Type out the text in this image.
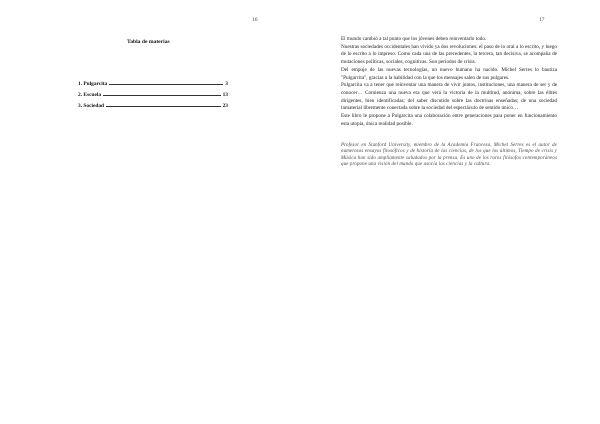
16
Tabla de materias
1. Pulgarcita	3
2. Escuela	13
3. Sociedad	23
17

El mundo cambió a tal punto que los jóvenes deben reinventarlo todo.

Nuestras sociedades occidentales han vivido ya dos revoluciones: el paso de lo oral a lo escrito, y luego de lo escrito a lo impreso. Como cada una de las precedentes, la tercera, tan decisiva, se acompaña de mutaciones políticas, sociales, cognitivas. Son periodos de crisis.

Del empuje de las nuevas tecnologías, un nuevo humano ha nacido. Michel Serres lo bautiza "Pulgarcita", gracias a la habilidad con la que los mensajes salen de sus pulgares.

Pulgarcita va a tener que reinventar una manera de vivir juntos, instituciones, una manera de ser y de conocer… Comienza una nueva era que verá la victoria de la multitud, anónima, sobre las élites dirigentes, bien identificadas; del saber discutido sobre las doctrinas enseñadas; de una sociedad inmaterial libremente conectada sobre la sociedad del espectáculo de sentido único…

Este libro le propone a Pulgarcita una colaboración entre generaciones para poner en funcionamiento esta utopía, única realidad posible.

Profesor en Stanford University, miembro de la Academia Francesa, Michel Serres es el autor de numerosos ensayos filosóficos y de historia de las ciencias, de los que los últimos, Tiempo de crisis y Música han sido ampliamente saludados por la prensa. Es uno de los raros filósofos contemporáneos que propone una visión del mundo que asocia las ciencias y la cultura.
